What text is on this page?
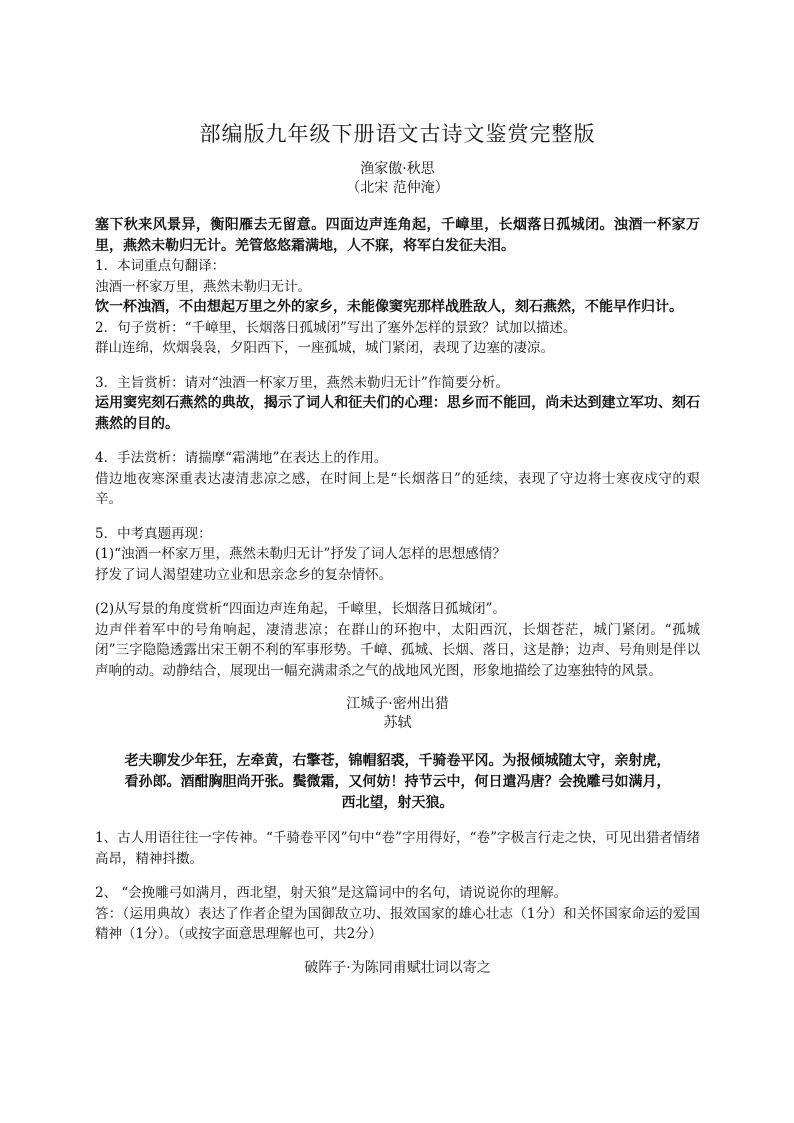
部编版九年级下册语文古诗文鉴赏完整版
渔家傲·秋思
（北宋 范仲淹）

塞下秋来风景异，衡阳雁去无留意。四面边声连角起，千嶂里，长烟落日孤城闭。浊酒一杯家万里，燕然未勒归无计。羌管悠悠霜满地，人不寐，将军白发征夫泪。

1．本词重点句翻译：

浊酒一杯家万里，燕然未勒归无计。

饮一杯浊酒，不由想起万里之外的家乡，未能像窦宪那样战胜敌人，刻石燕然，不能早作归计。

2．句子赏析：“千嶂里，长烟落日孤城闭”写出了塞外怎样的景致？试加以描述。

群山连绵，炊烟袅袅，夕阳西下，一座孤城，城门紧闭，表现了边塞的凄凉。

3．主旨赏析：请对“浊酒一杯家万里，燕然未勒归无计”作简要分析。

运用窦宪刻石燕然的典故，揭示了词人和征夫们的心理：思乡而不能回，尚未达到建立军功、刻石燕然的目的。

4．手法赏析：请揣摩“霜满地”在表达上的作用。

借边地夜寒深重表达凄清悲凉之感，在时间上是“长烟落日”的延续，表现了守边将士寒夜戍守的艰辛。

5．中考真题再现：

(1)“浊酒一杯家万里，燕然未勒归无计”抒发了词人怎样的思想感情？

抒发了词人渴望建功立业和思亲念乡的复杂情怀。

(2)从写景的角度赏析“四面边声连角起，千嶂里，长烟落日孤城闭”。

边声伴着军中的号角响起，凄清悲凉；在群山的环抱中，太阳西沉，长烟苍茫，城门紧闭。“孤城闭”三字隐隐透露出宋王朝不利的军事形势。千嶂、孤城、长烟、落日，这是静；边声、号角则是伴以声响的动。动静结合，展现出一幅充满肃杀之气的战地风光图，形象地描绘了边塞独特的风景。

江城子·密州出猎
苏轼

老夫聊发少年狂，左牵黄，右擎苍，锦帽貂裘，千骑卷平冈。为报倾城随太守，亲射虎，

看孙郎。酒酣胸胆尚开张。鬓微霜，又何妨！持节云中，何日遣冯唐？会挽雕弓如满月，

西北望，射天狼。

1、古人用语往往一字传神。“千骑卷平冈”句中“卷”字用得好，“卷”字极言行走之快，可见出猎者情绪高昂，精神抖擞。

2、 “会挽雕弓如满月，西北望，射天狼”是这篇词中的名句，请说说你的理解。

答：（运用典故）表达了作者企望为国御敌立功、报效国家的雄心壮志（1分）和关怀国家命运的爱国精神（1分）。（或按字面意思理解也可，共2分）

破阵子·为陈同甫赋壮词以寄之
